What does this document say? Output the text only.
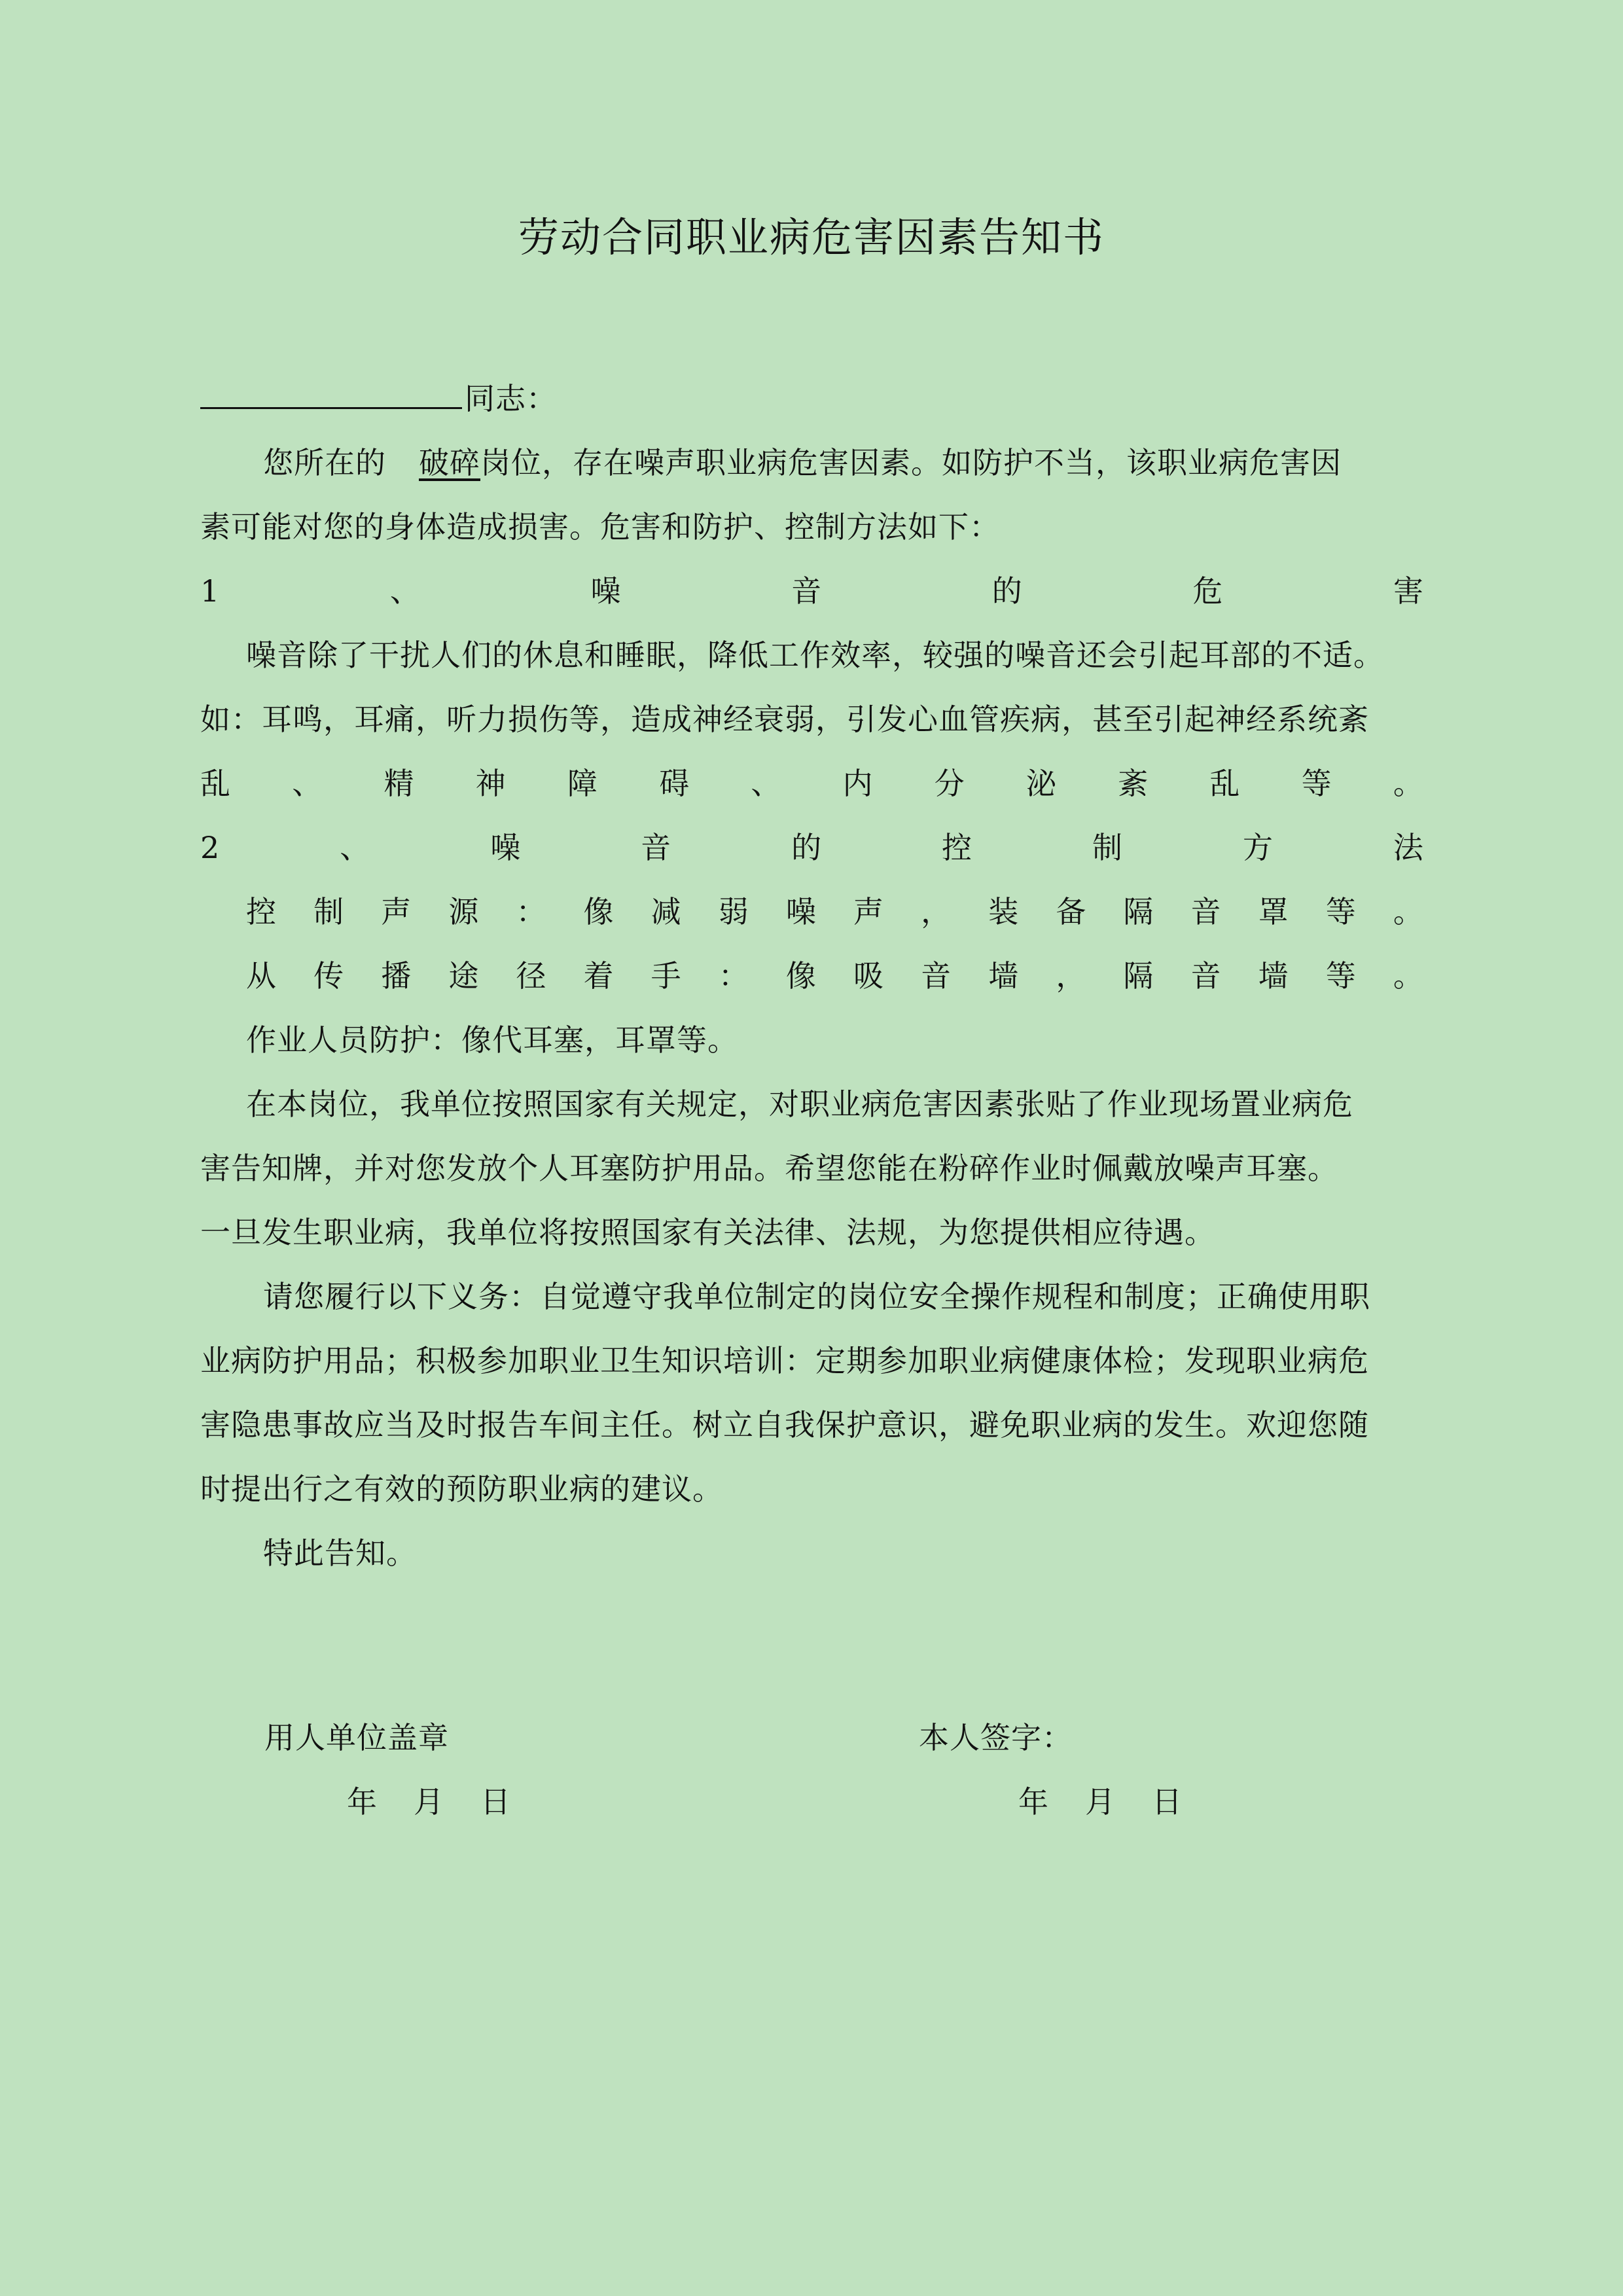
劳动合同职业病危害因素告知书
同志：
您所在的 破碎岗位，存在噪声职业病危害因素。如防护不当，该职业病危害因
素可能对您的身体造成损害。危害和防护、控制方法如下：
1	、	噪	音	的	危	害
噪音除了干扰人们的休息和睡眠，降低工作效率，较强的噪音还会引起耳部的不适。
如：耳鸣，耳痛，听力损伤等，造成神经衰弱，引发心血管疾病，甚至引起神经系统紊
乱 、 精 神 障 碍 、 内 分 泌 紊 乱 等 。
2	、	噪	音	的	控	制	方	法
控 制 声 源 ： 像 减 弱 噪 声 ， 装 备 隔 音 罩 等 。
从 传 播 途 径 着 手 ： 像 吸 音 墙 ， 隔 音 墙 等 。
作业人员防护：像代耳塞，耳罩等。
在本岗位，我单位按照国家有关规定，对职业病危害因素张贴了作业现场置业病危
害告知牌，并对您发放个人耳塞防护用品。希望您能在粉碎作业时佩戴放噪声耳塞。
一旦发生职业病，我单位将按照国家有关法律、法规，为您提供相应待遇。
请您履行以下义务：自觉遵守我单位制定的岗位安全操作规程和制度；正确使用职
业病防护用品；积极参加职业卫生知识培训：定期参加职业病健康体检；发现职业病危
害隐患事故应当及时报告车间主任。树立自我保护意识，避免职业病的发生。欢迎您随
时提出行之有效的预防职业病的建议。
特此告知。
用人单位盖章	本人签字：
年 月 日	年 月 日
